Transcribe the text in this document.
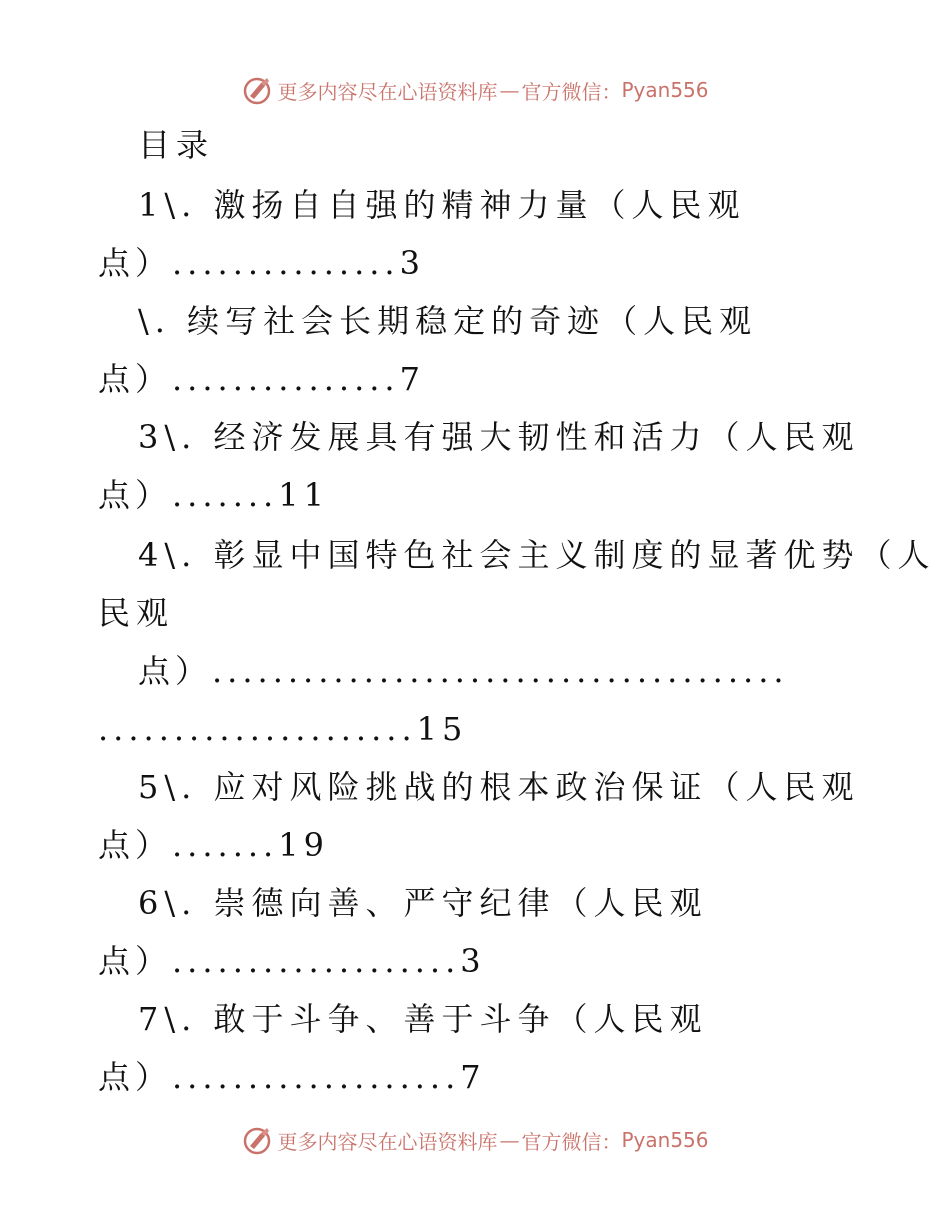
更多内容尽在心语资料库 — 官方微信： Pyan556
目录
1\. 激扬自自强的精神力量（人民观
点）...............3
\. 续写社会长期稳定的奇迹（人民观
点）...............7
3\. 经济发展具有强大韧性和活力（人民观
点）.......11
4\. 彰显中国特色社会主义制度的显著优势（人
民观
点）......................................
.....................15
5\. 应对风险挑战的根本政治保证（人民观
点）.......19
6\. 崇德向善、严守纪律（人民观
点）...................3
7\. 敢于斗争、善于斗争（人民观
点）...................7
更多内容尽在心语资料库 — 官方微信： Pyan556
